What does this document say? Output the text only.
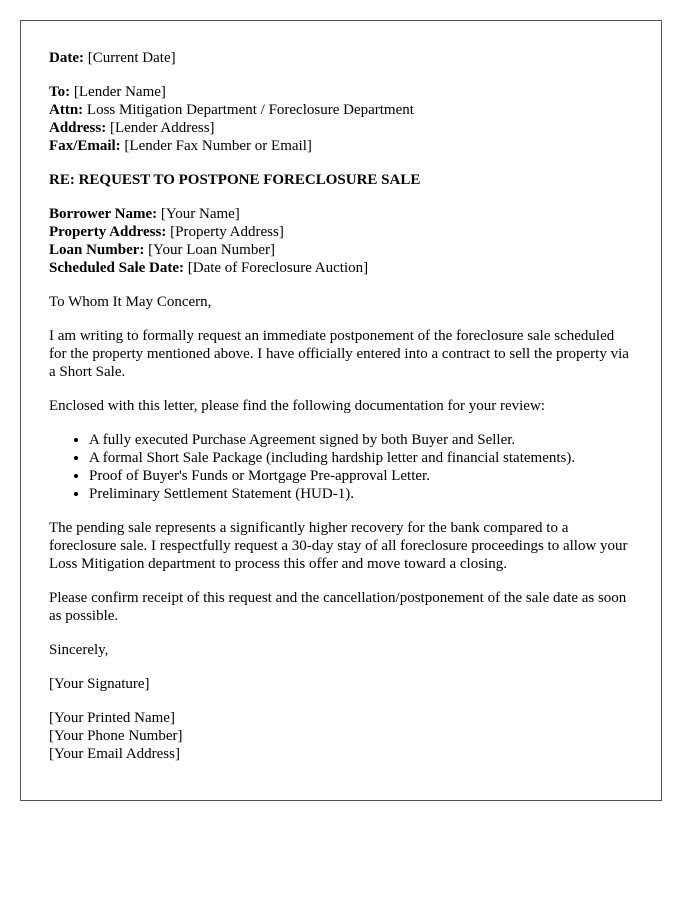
Date: [Current Date]

To: [Lender Name]
Attn: Loss Mitigation Department / Foreclosure Department
Address: [Lender Address]
Fax/Email: [Lender Fax Number or Email]

RE: REQUEST TO POSTPONE FORECLOSURE SALE

Borrower Name: [Your Name]
Property Address: [Property Address]
Loan Number: [Your Loan Number]
Scheduled Sale Date: [Date of Foreclosure Auction]

To Whom It May Concern,

I am writing to formally request an immediate postponement of the foreclosure sale scheduled for the property mentioned above. I have officially entered into a contract to sell the property via a Short Sale.

Enclosed with this letter, please find the following documentation for your review:

• A fully executed Purchase Agreement signed by both Buyer and Seller.
• A formal Short Sale Package (including hardship letter and financial statements).
• Proof of Buyer's Funds or Mortgage Pre-approval Letter.
• Preliminary Settlement Statement (HUD-1).

The pending sale represents a significantly higher recovery for the bank compared to a foreclosure sale. I respectfully request a 30-day stay of all foreclosure proceedings to allow your Loss Mitigation department to process this offer and move toward a closing.

Please confirm receipt of this request and the cancellation/postponement of the sale date as soon as possible.

Sincerely,

[Your Signature]

[Your Printed Name]
[Your Phone Number]
[Your Email Address]
